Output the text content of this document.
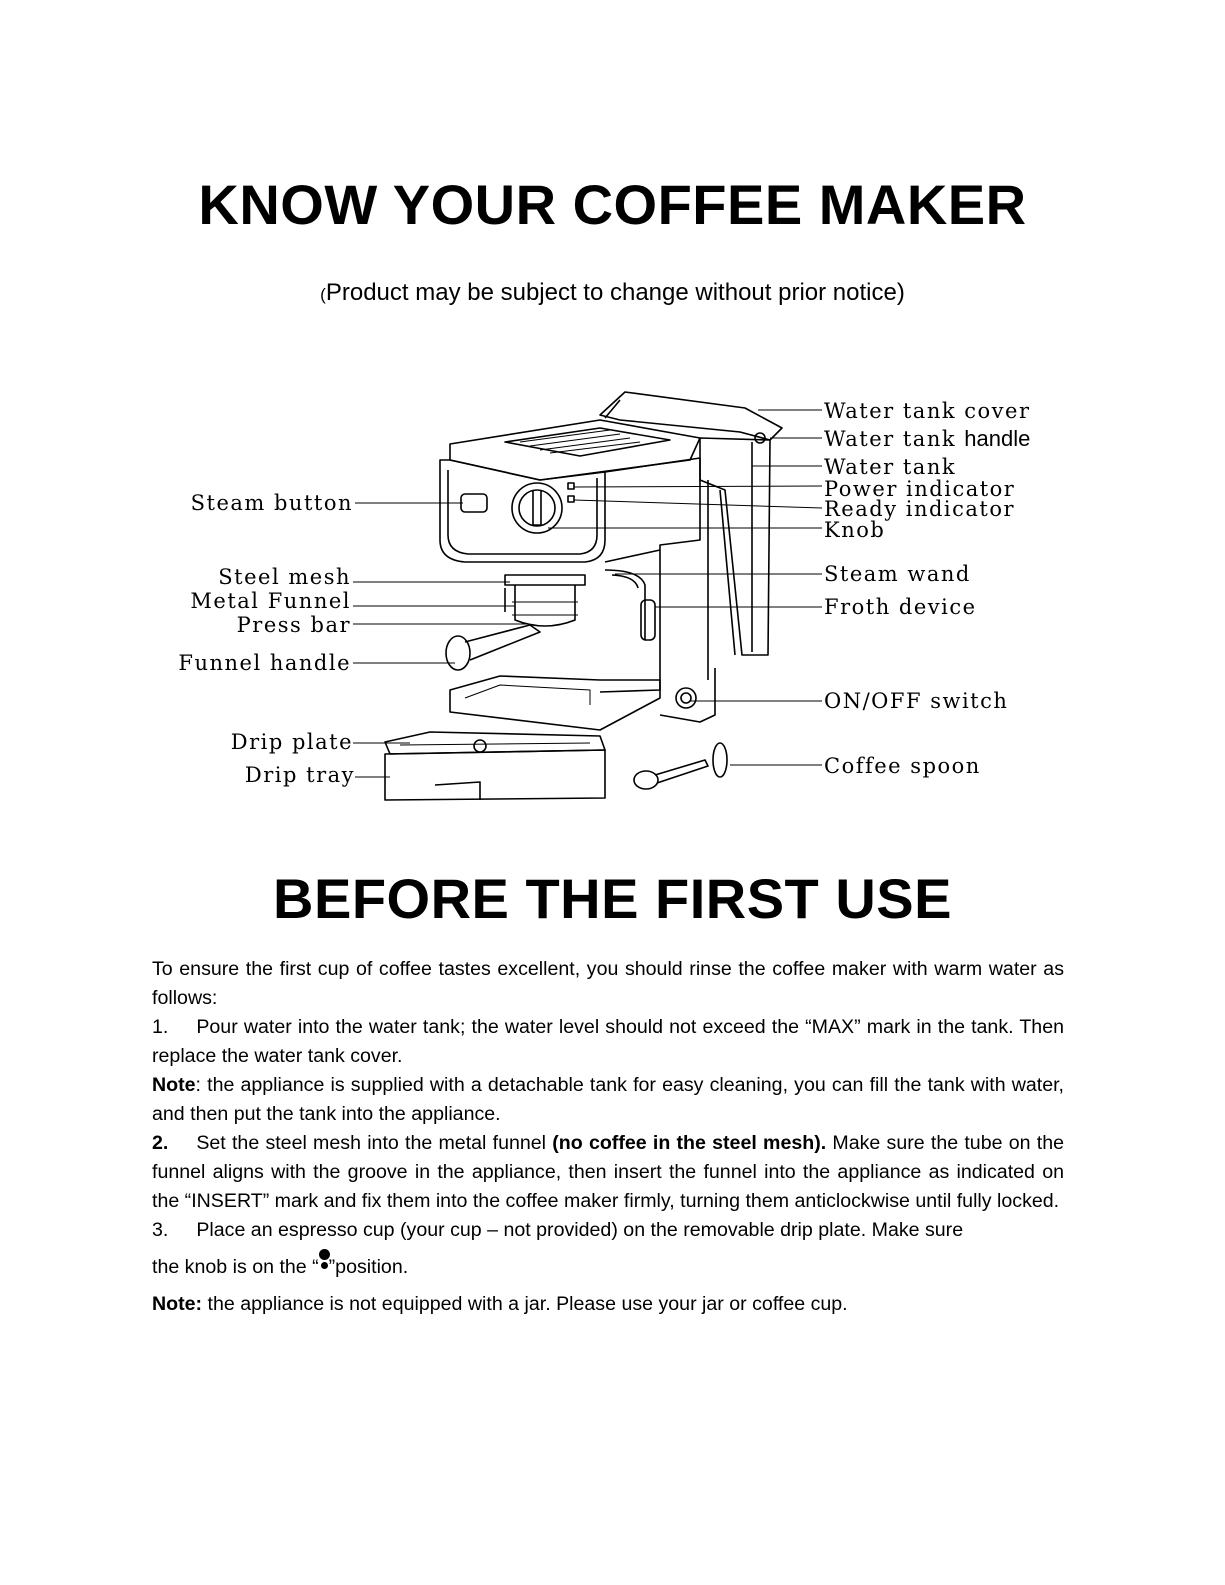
KNOW YOUR COFFEE MAKER
(Product may be subject to change without prior notice)
Steam button
Steel mesh
Metal Funnel
Press bar
Funnel handle
Drip plate
Drip tray
Water tank cover
Water tank handle
Water tank
Power indicator
Ready indicator
Knob
Steam wand
Froth device
ON/OFF switch
Coffee spoon
BEFORE THE FIRST USE

To ensure the first cup of coffee tastes excellent, you should rinse the coffee maker with warm water as follows:

1. Pour water into the water tank; the water level should not exceed the “MAX” mark in the tank. Then replace the water tank cover.

Note: the appliance is supplied with a detachable tank for easy cleaning, you can fill the tank with water, and then put the tank into the appliance.

2. Set the steel mesh into the metal funnel (no coffee in the steel mesh). Make sure the tube on the funnel aligns with the groove in the appliance, then insert the funnel into the appliance as indicated on the “INSERT” mark and fix them into the coffee maker firmly, turning them anticlockwise until fully locked.

3. Place an espresso cup (your cup – not provided) on the removable drip plate. Make sure

the knob is on the “ ”position.

Note: the appliance is not equipped with a jar. Please use your jar or coffee cup.
